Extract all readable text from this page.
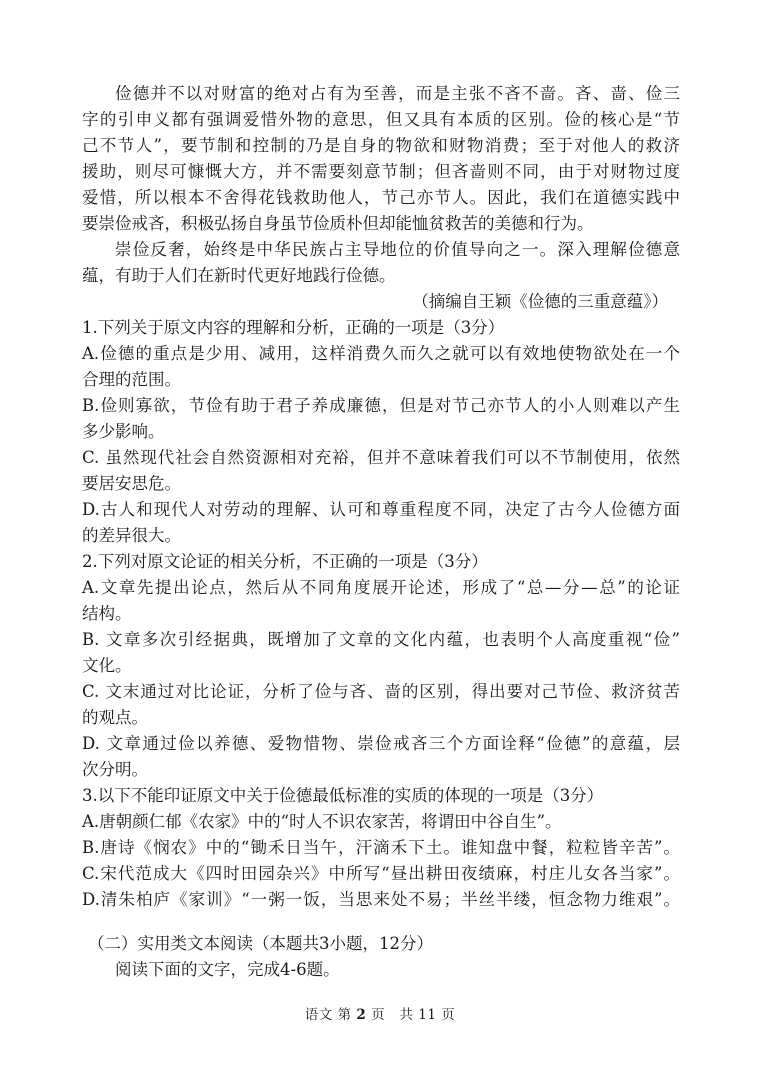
俭德并不以对财富的绝对占有为至善，而是主张不吝不啬。吝、啬、俭三
字的引申义都有强调爱惜外物的意思，但又具有本质的区别。俭的核心是“节
己不节人”，要节制和控制的乃是自身的物欲和财物消费；至于对他人的救济
援助，则尽可慷慨大方，并不需要刻意节制；但吝啬则不同，由于对财物过度
爱惜，所以根本不舍得花钱救助他人，节己亦节人。因此，我们在道德实践中
要崇俭戒吝，积极弘扬自身虽节俭质朴但却能恤贫救苦的美德和行为。
崇俭反奢，始终是中华民族占主导地位的价值导向之一。深入理解俭德意
蕴，有助于人们在新时代更好地践行俭德。
（摘编自王颖《俭德的三重意蕴》）
1.下列关于原文内容的理解和分析，正确的一项是（3分）
A.俭德的重点是少用、减用，这样消费久而久之就可以有效地使物欲处在一个
合理的范围。
B.俭则寡欲，节俭有助于君子养成廉德，但是对节己亦节人的小人则难以产生
多少影响。
C. 虽然现代社会自然资源相对充裕，但并不意味着我们可以不节制使用，依然
要居安思危。
D.古人和现代人对劳动的理解、认可和尊重程度不同，决定了古今人俭德方面
的差异很大。
2.下列对原文论证的相关分析，不正确的一项是（3分）
A.文章先提出论点，然后从不同角度展开论述，形成了“总—分—总”的论证
结构。
B. 文章多次引经据典，既增加了文章的文化内蕴，也表明个人高度重视“俭”
文化。
C. 文末通过对比论证，分析了俭与吝、啬的区别，得出要对己节俭、救济贫苦
的观点。
D. 文章通过俭以养德、爱物惜物、崇俭戒吝三个方面诠释“俭德”的意蕴，层
次分明。
3.以下不能印证原文中关于俭德最低标准的实质的体现的一项是（3分）
A.唐朝颜仁郁《农家》中的“时人不识农家苦，将谓田中谷自生”。
B.唐诗《悯农》中的“锄禾日当午，汗滴禾下土。谁知盘中餐，粒粒皆辛苦”。
C.宋代范成大《四时田园杂兴》中所写“昼出耕田夜绩麻，村庄儿女各当家”。
D.清朱柏庐《家训》“一粥一饭，当思来处不易；半丝半缕，恒念物力维艰”。
（二）实用类文本阅读（本题共3小题，12分）
阅读下面的文字，完成4-6题。
语文 第 2 页 共 11 页
